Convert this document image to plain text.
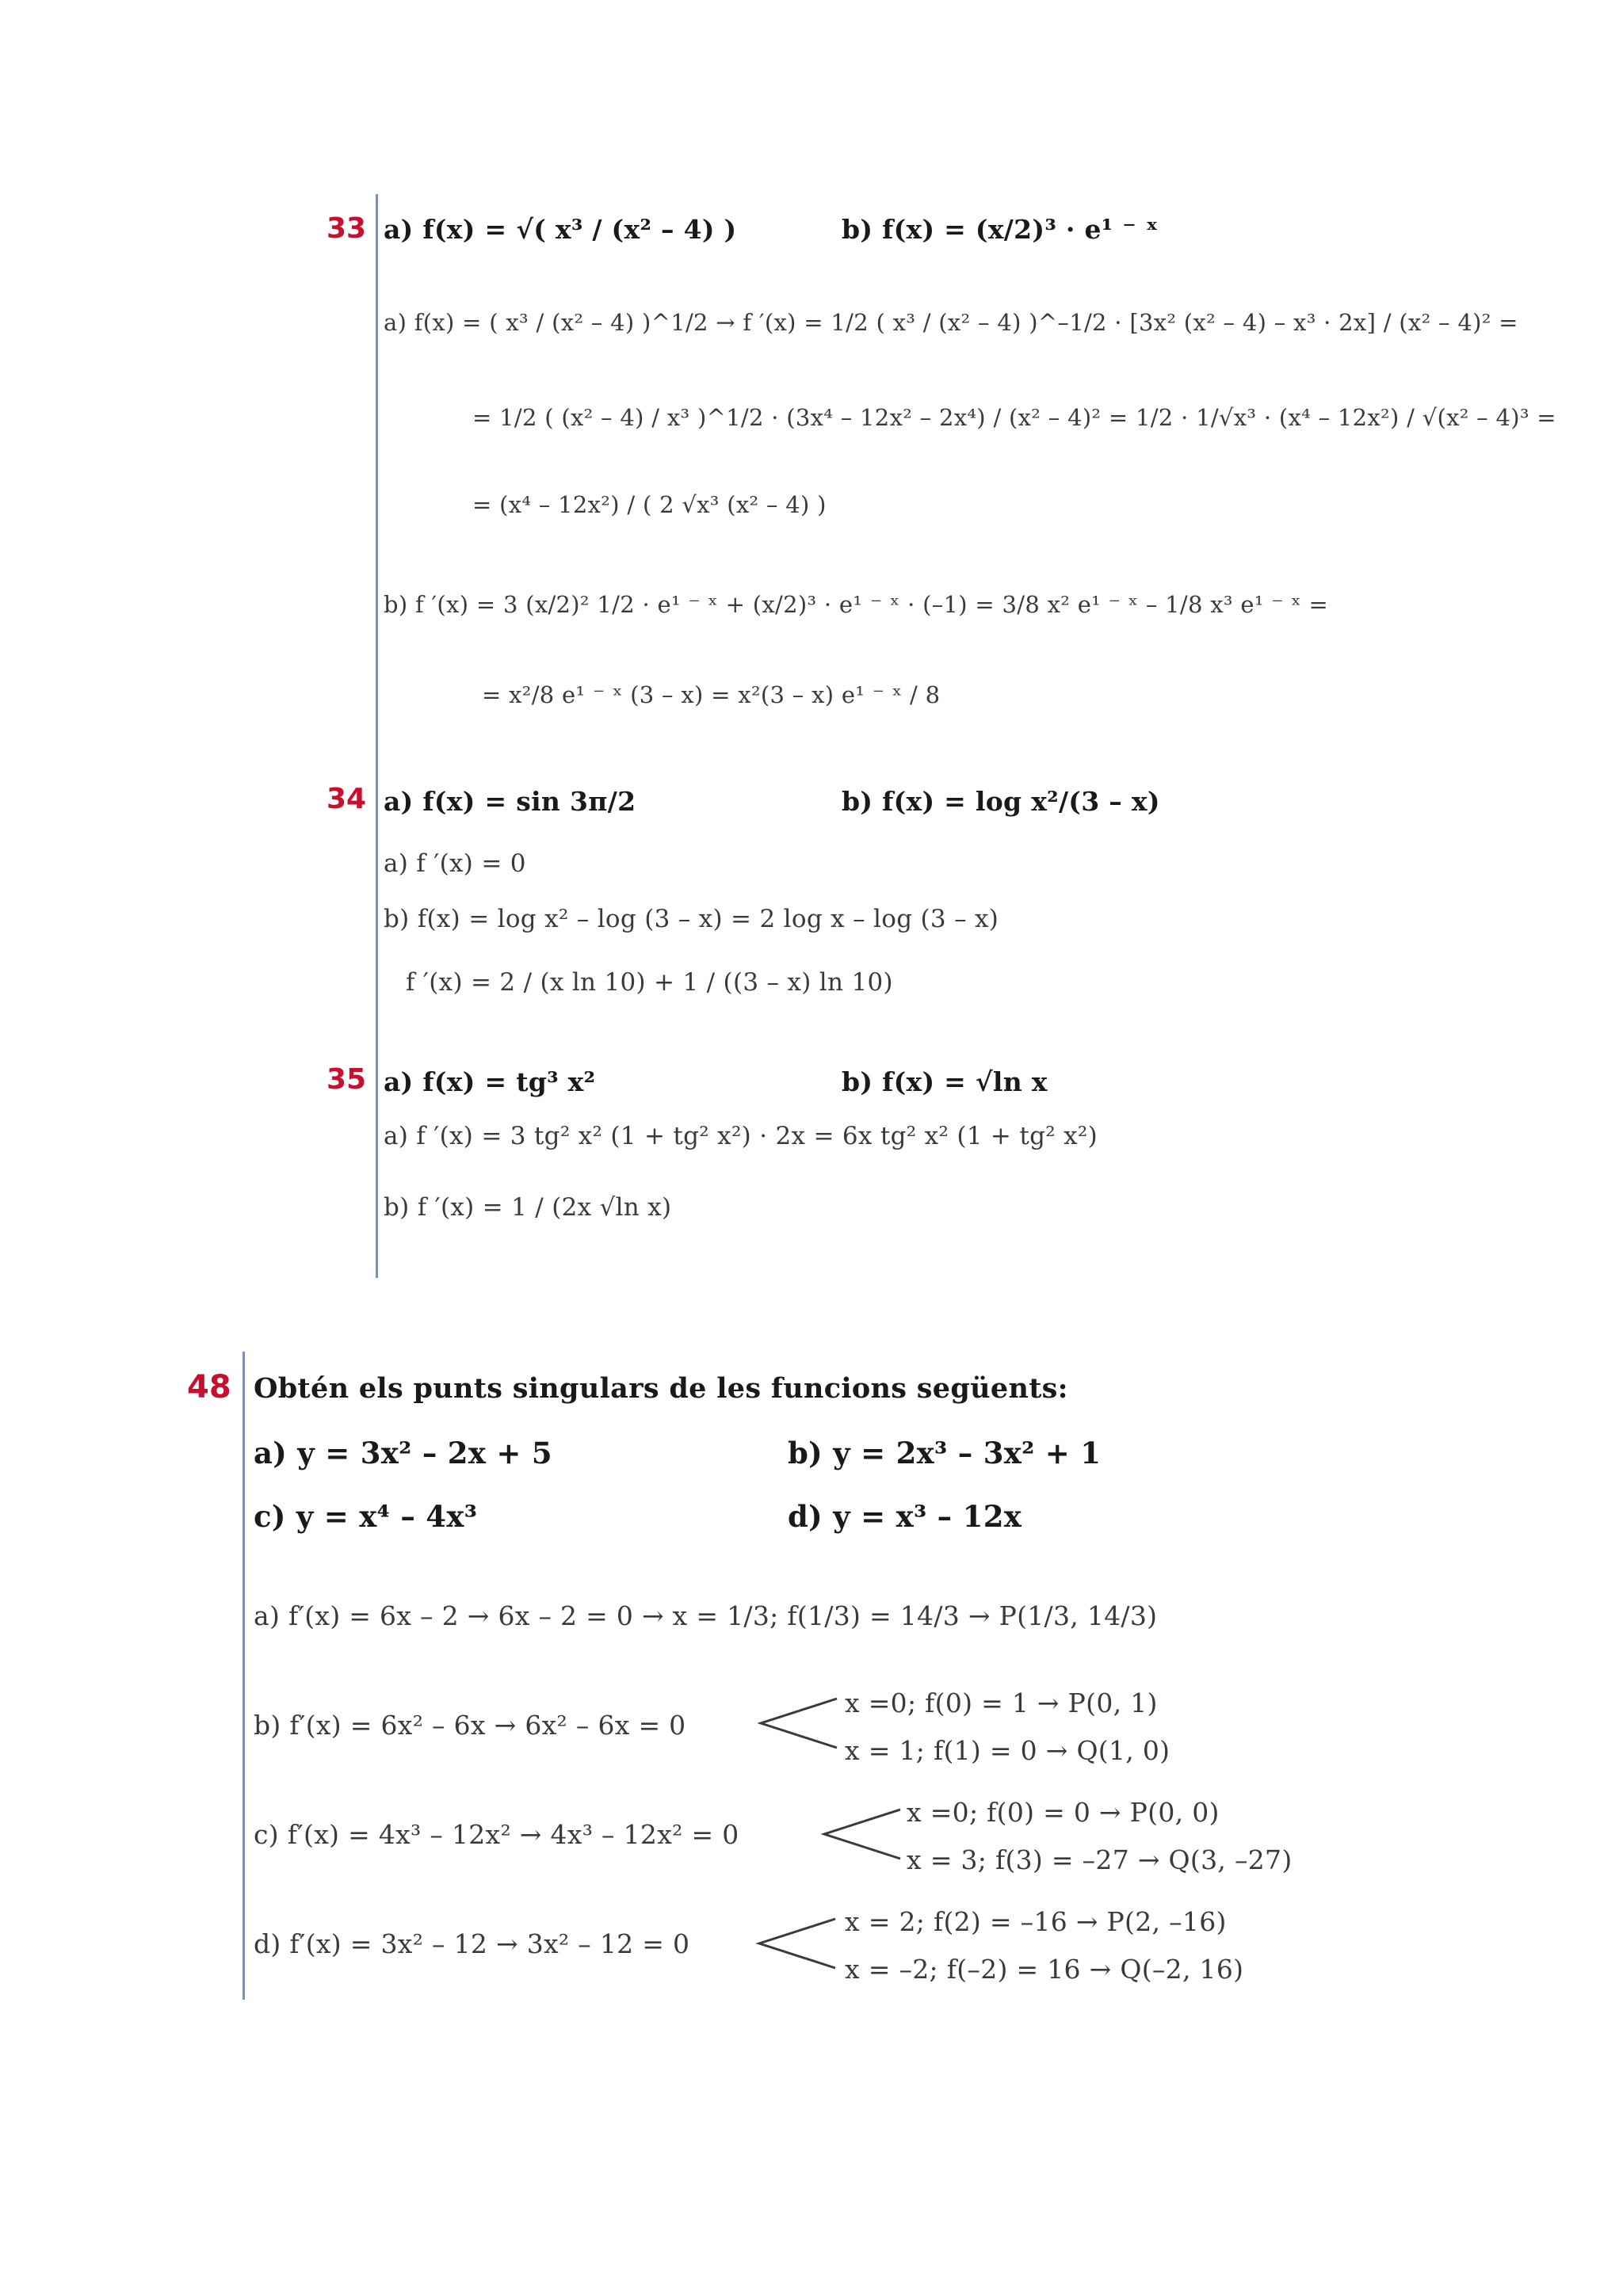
33 a) f(x) = √( x³ / (x² – 4) )	b) f(x) = (x/2)³ · e¹ ⁻ ˣ
a) f(x) = ( x³ / (x² – 4) )^1/2 → f ′(x) = 1/2 ( x³ / (x² – 4) )^–1/2 · [3x² (x² – 4) – x³ · 2x] / (x² – 4)² =
= 1/2 ( (x² – 4) / x³ )^1/2 · (3x⁴ – 12x² – 2x⁴) / (x² – 4)² = 1/2 · 1/√x³ · (x⁴ – 12x²) / √(x² – 4)³ =
= (x⁴ – 12x²) / ( 2 √x³ (x² – 4) )
b) f ′(x) = 3 (x/2)² 1/2 · e¹ ⁻ ˣ + (x/2)³ · e¹ ⁻ ˣ · (–1) = 3/8 x² e¹ ⁻ ˣ – 1/8 x³ e¹ ⁻ ˣ =
= x²/8 e¹ ⁻ ˣ (3 – x) = x²(3 – x) e¹ ⁻ ˣ / 8
34 a) f(x) = sin 3π/2	b) f(x) = log x²/(3 – x)
a) f ′(x) = 0
b) f(x) = log x² – log (3 – x) = 2 log x – log (3 – x)
f ′(x) = 2 / (x ln 10) + 1 / ((3 – x) ln 10)
35 a) f(x) = tg³ x²	b) f(x) = √ln x
a) f ′(x) = 3 tg² x² (1 + tg² x²) · 2x = 6x tg² x² (1 + tg² x²)
b) f ′(x) = 1 / (2x √ln x)
48 Obtén els punts singulars de les funcions següents:
a) y = 3x² – 2x + 5	b) y = 2x³ – 3x² + 1
c) y = x⁴ – 4x³	d) y = x³ – 12x
a) f′(x) = 6x – 2 → 6x – 2 = 0 → x = 1/3; f(1/3) = 14/3 → P(1/3, 14/3)
b) f′(x) = 6x² – 6x → 6x² – 6x = 0
x =0; f(0) = 1 → P(0, 1)
x = 1; f(1) = 0 → Q(1, 0)
c) f′(x) = 4x³ – 12x² → 4x³ – 12x² = 0
x =0; f(0) = 0 → P(0, 0)
x = 3; f(3) = –27 → Q(3, –27)
d) f′(x) = 3x² – 12 → 3x² – 12 = 0
x = 2; f(2) = –16 → P(2, –16)
x = –2; f(–2) = 16 → Q(–2, 16)
